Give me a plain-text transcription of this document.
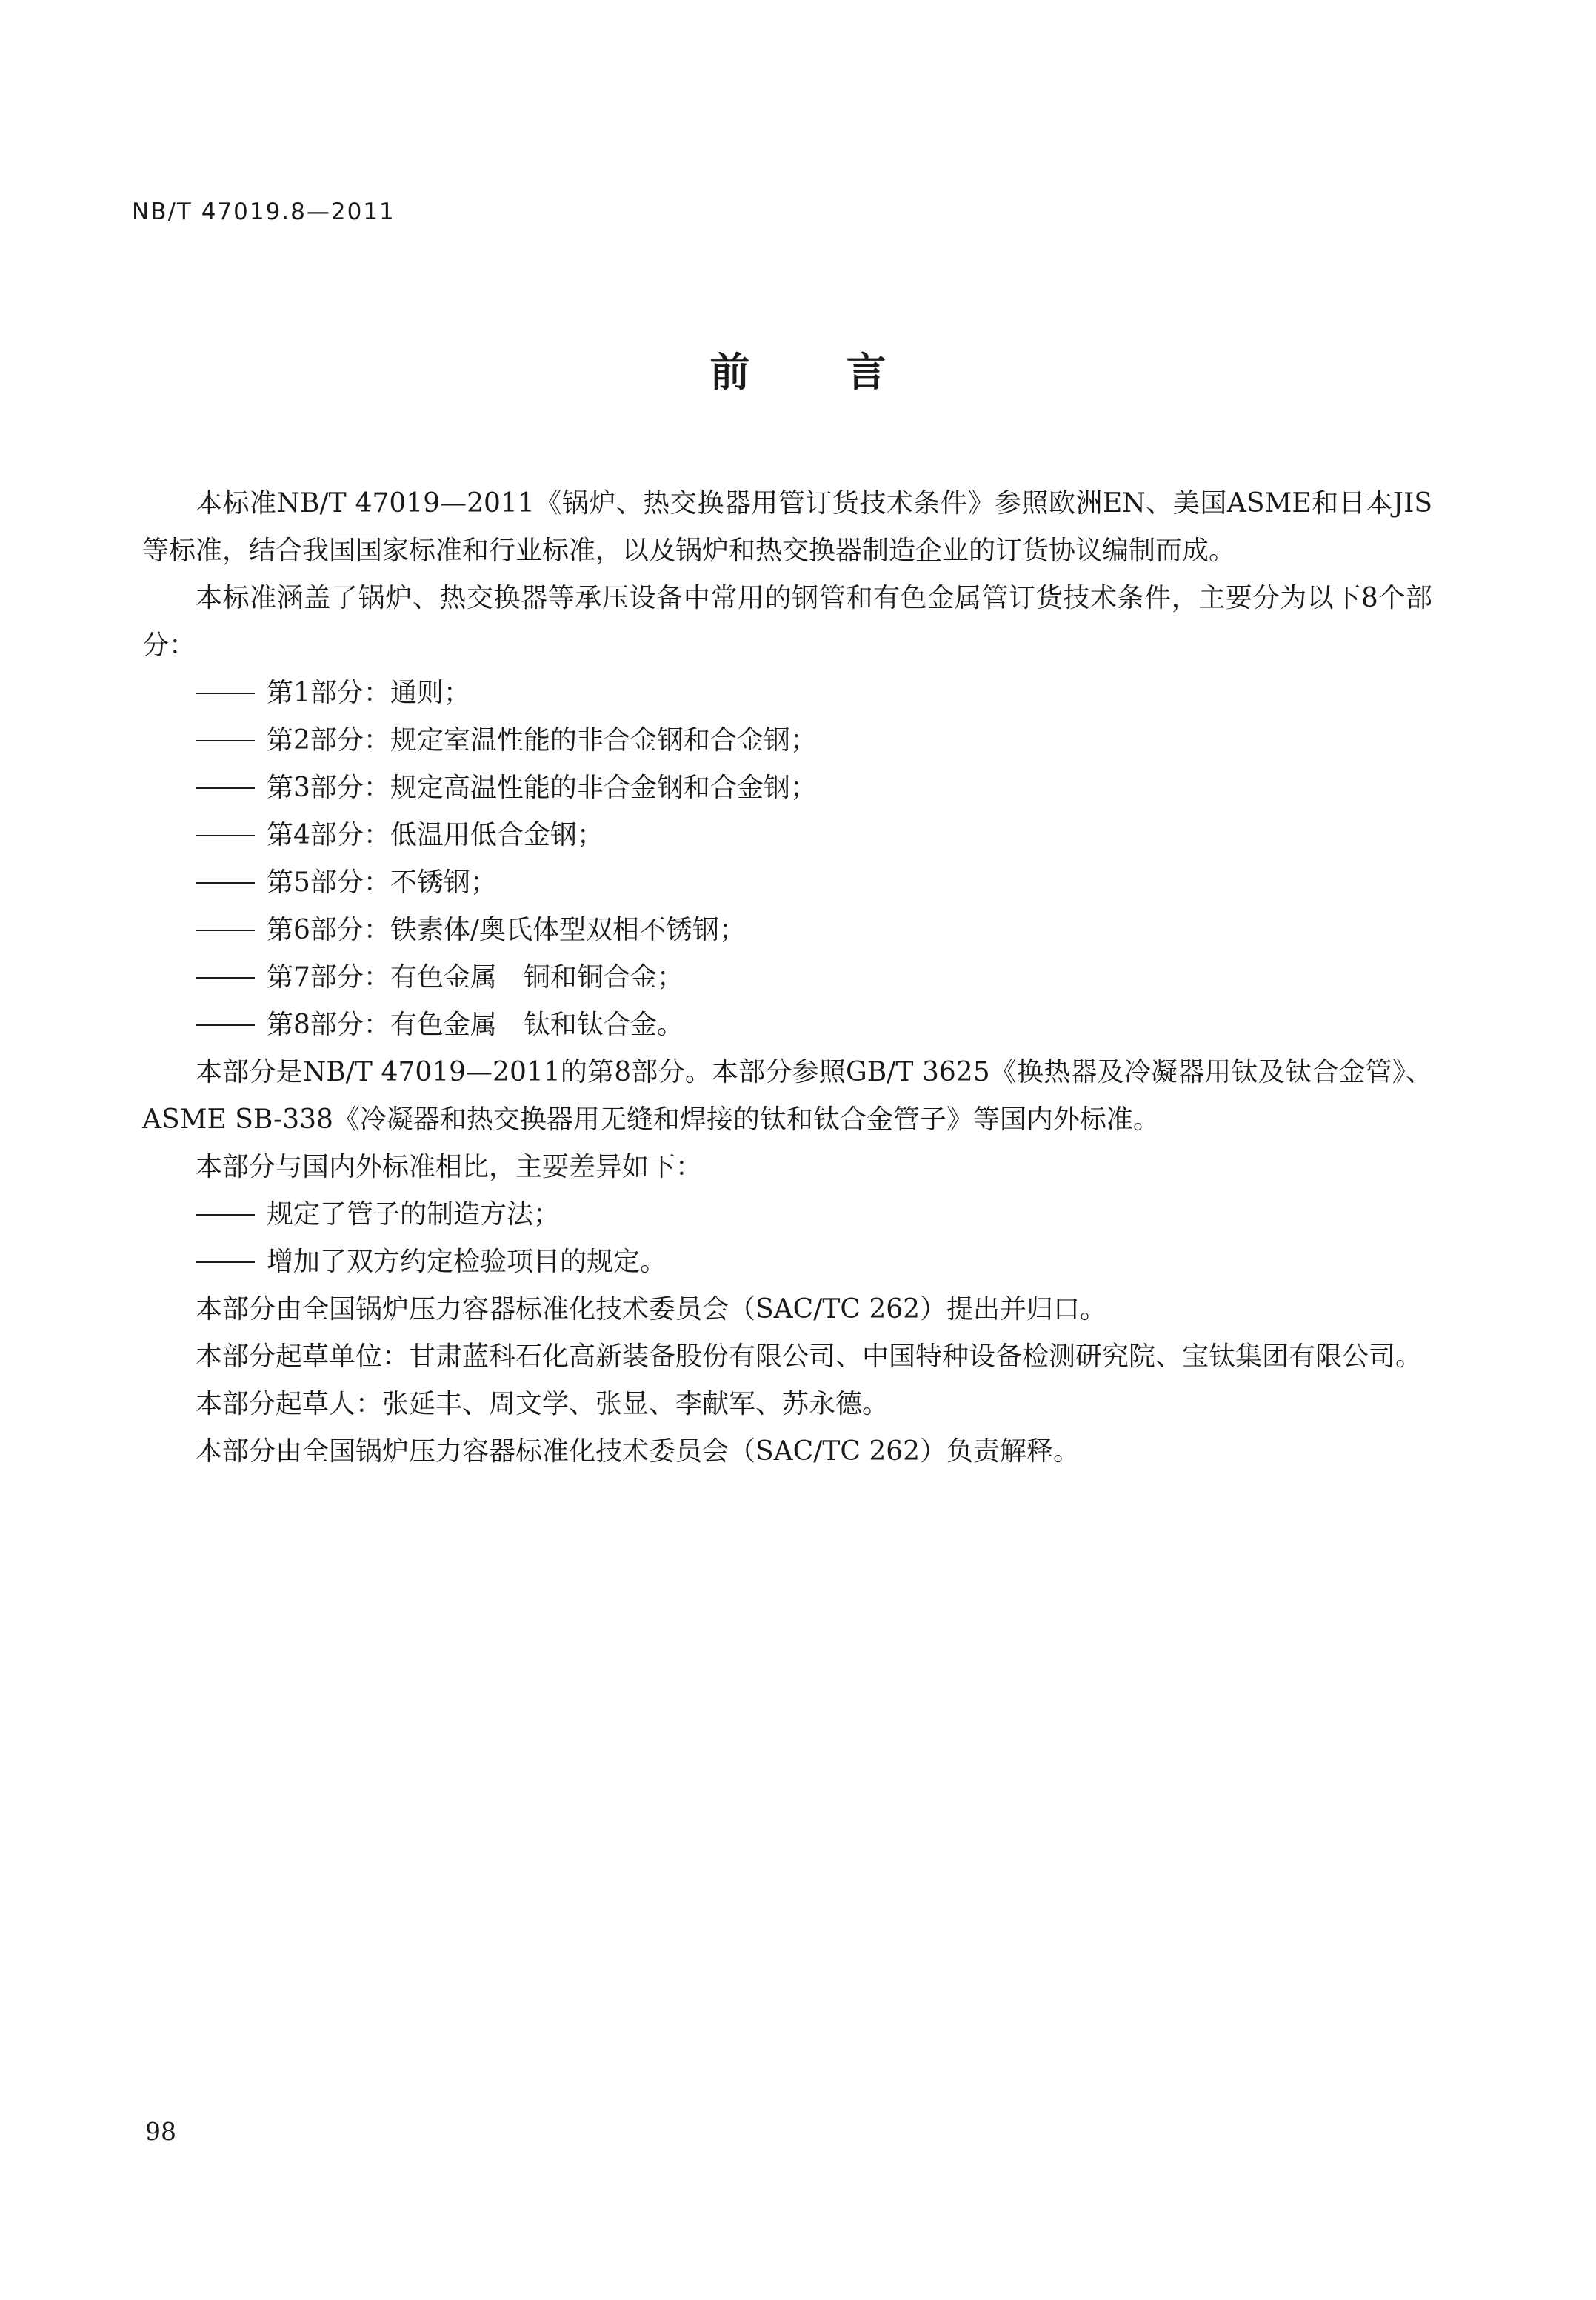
NB/T 47019.8—2011
前言

本标准NB/T 47019—2011《锅炉、热交换器用管订货技术条件》参照欧洲EN、美国ASME和日本JIS等标准，结合我国国家标准和行业标准，以及锅炉和热交换器制造企业的订货协议编制而成。

本标准涵盖了锅炉、热交换器等承压设备中常用的钢管和有色金属管订货技术条件，主要分为以下8个部分：

第1部分：通则；

第2部分：规定室温性能的非合金钢和合金钢；

第3部分：规定高温性能的非合金钢和合金钢；

第4部分：低温用低合金钢；

第5部分：不锈钢；

第6部分：铁素体/奥氏体型双相不锈钢；

第7部分：有色金属　铜和铜合金；

第8部分：有色金属　钛和钛合金。

本部分是NB/T 47019—2011的第8部分。本部分参照GB/T 3625《换热器及冷凝器用钛及钛合金管》、ASME SB-338《冷凝器和热交换器用无缝和焊接的钛和钛合金管子》等国内外标准。

本部分与国内外标准相比，主要差异如下：

规定了管子的制造方法；

增加了双方约定检验项目的规定。

本部分由全国锅炉压力容器标准化技术委员会（SAC/TC 262）提出并归口。

本部分起草单位：甘肃蓝科石化高新装备股份有限公司、中国特种设备检测研究院、宝钛集团有限公司。

本部分起草人：张延丰、周文学、张显、李献军、苏永德。

本部分由全国锅炉压力容器标准化技术委员会（SAC/TC 262）负责解释。

98
